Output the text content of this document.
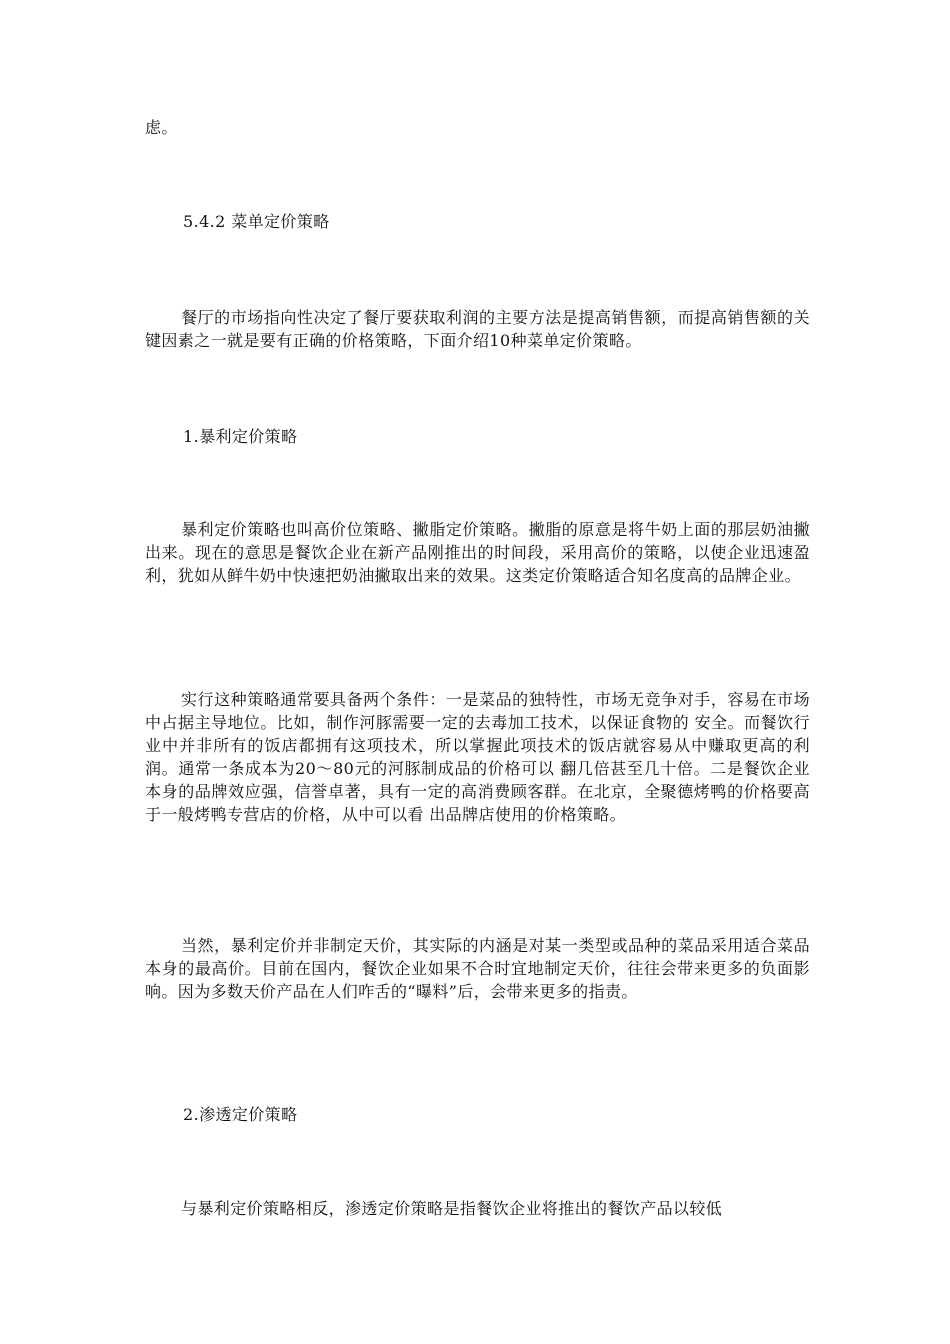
虑。
5.4.2 菜单定价策略

餐厅的市场指向性决定了餐厅要获取利润的主要方法是提高销售额，而提高销售额的关键因素之一就是要有正确的价格策略，下面介绍10种菜单定价策略。

1.暴利定价策略

暴利定价策略也叫高价位策略、撇脂定价策略。撇脂的原意是将牛奶上面的那层奶油撇出来。现在的意思是餐饮企业在新产品刚推出的时间段，采用高价的策略，以使企业迅速盈利，犹如从鲜牛奶中快速把奶油撇取出来的效果。这类定价策略适合知名度高的品牌企业。

实行这种策略通常要具备两个条件：一是菜品的独特性，市场无竞争对手，容易在市场中占据主导地位。比如，制作河豚需要一定的去毒加工技术，以保证食物的 安全。而餐饮行业中并非所有的饭店都拥有这项技术，所以掌握此项技术的饭店就容易从中赚取更高的利润。通常一条成本为20～80元的河豚制成品的价格可以 翻几倍甚至几十倍。二是餐饮企业本身的品牌效应强，信誉卓著，具有一定的高消费顾客群。在北京，全聚德烤鸭的价格要高于一般烤鸭专营店的价格，从中可以看 出品牌店使用的价格策略。

当然，暴利定价并非制定天价，其实际的内涵是对某一类型或品种的菜品采用适合菜品本身的最高价。目前在国内，餐饮企业如果不合时宜地制定天价，往往会带来更多的负面影响。因为多数天价产品在人们咋舌的“曝料”后，会带来更多的指责。

2.渗透定价策略

与暴利定价策略相反，渗透定价策略是指餐饮企业将推出的餐饮产品以较低
